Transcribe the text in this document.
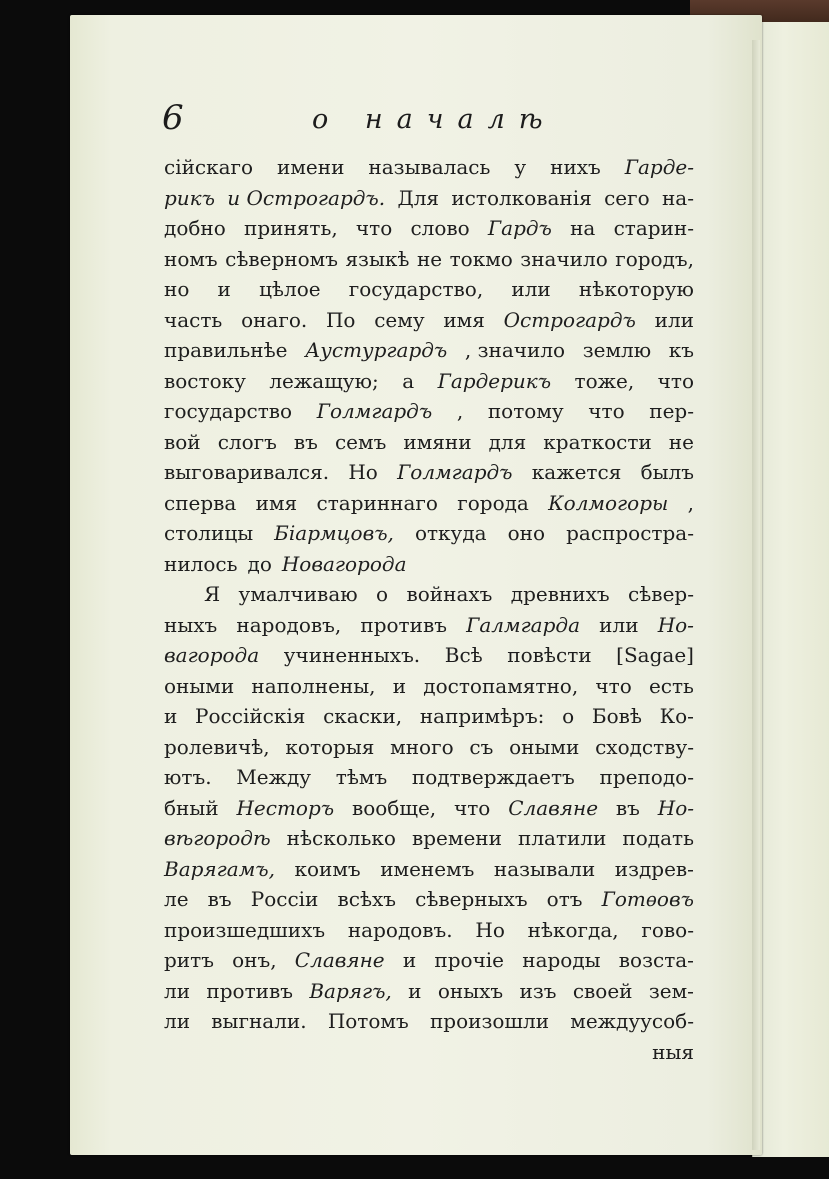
6	о началѣ
сійскаго имени называлась у нихъ Гардe-
рикъ и Острогардъ. Для истолкованія сего на-
добно принять, что слово Гардъ на старин-
номъ сѣверномъ языкѣ не токмо значило городъ,
но и цѣлое государство, или нѣкоторую
часть онаго. По сему имя Острогардъ или
правильнѣе Аустургардъ , значило землю къ
востоку лежащую; а Гардерикъ тоже, что
государство Голмгардъ , потому что пер-
вой слогъ въ семъ имяни для краткости не
выговаривался. Но Голмгардъ кажется былъ
сперва имя стариннаго города Колмогоры ,
столицы Біармцовъ, откуда оно распростра-
нилось до Новагорода
Я умалчиваю о войнахъ древнихъ сѣвер-
ныхъ народовъ, противъ Галмгарда или Но-
вагорода учиненныхъ. Всѣ повѣсти [Sagae]
оными наполнены, и достопамятно, что есть
и Россійскія скаски, напримѣръ: о Бовѣ Ко-
ролевичѣ, которыя много съ оными сходству-
ютъ. Между тѣмъ подтверждаетъ преподо-
бный Несторъ вообще, что Славяне въ Но-
вѣгородѣ нѣсколько времени платили подать
Варягамъ, коимъ именемъ называли издрев-
ле въ Россіи всѣхъ сѣверныхъ отъ Готѳовъ
произшедшихъ народовъ. Но нѣкогда, гово-
ритъ онъ, Славяне и прочіе народы возста-
ли противъ Варягъ, и оныхъ изъ своей зем-
ли выгнали. Потомъ произошли междуусоб-
ныя
